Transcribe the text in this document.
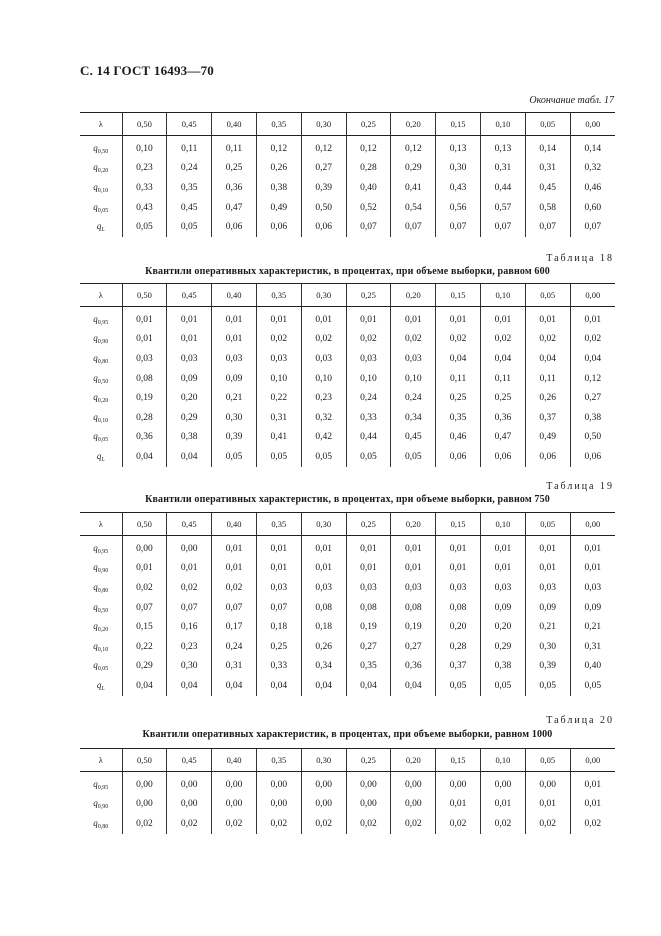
С. 14 ГОСТ 16493—70
Окончание табл. 17
λ	0,50	0,45	0,40	0,35	0,30	0,25	0,20	0,15	0,10	0,05	0,00
$q_{0,50}$	0,10	0,11	0,11	0,12	0,12	0,12	0,12	0,13	0,13	0,14	0,14
$q_{0,20}$	0,23	0,24	0,25	0,26	0,27	0,28	0,29	0,30	0,31	0,31	0,32
$q_{0,10}$	0,33	0,35	0,36	0,38	0,39	0,40	0,41	0,43	0,44	0,45	0,46
$q_{0,05}$	0,43	0,45	0,47	0,49	0,50	0,52	0,54	0,56	0,57	0,58	0,60
$q_L$	0,05	0,05	0,06	0,06	0,06	0,07	0,07	0,07	0,07	0,07	0,07
Таблица 18
Квантили оперативных характеристик, в процентах, при объеме выборки, равном 600
λ	0,50	0,45	0,40	0,35	0,30	0,25	0,20	0,15	0,10	0,05	0,00
$q_{0,95}$	0,01	0,01	0,01	0,01	0,01	0,01	0,01	0,01	0,01	0,01	0,01
$q_{0,90}$	0,01	0,01	0,01	0,02	0,02	0,02	0,02	0,02	0,02	0,02	0,02
$q_{0,80}$	0,03	0,03	0,03	0,03	0,03	0,03	0,03	0,04	0,04	0,04	0,04
$q_{0,50}$	0,08	0,09	0,09	0,10	0,10	0,10	0,10	0,11	0,11	0,11	0,12
$q_{0,20}$	0,19	0,20	0,21	0,22	0,23	0,24	0,24	0,25	0,25	0,26	0,27
$q_{0,10}$	0,28	0,29	0,30	0,31	0,32	0,33	0,34	0,35	0,36	0,37	0,38
$q_{0,05}$	0,36	0,38	0,39	0,41	0,42	0,44	0,45	0,46	0,47	0,49	0,50
$q_L$	0,04	0,04	0,05	0,05	0,05	0,05	0,05	0,06	0,06	0,06	0,06
Таблица 19
Квантили оперативных характеристик, в процентах, при объеме выборки, равном 750
λ	0,50	0,45	0,40	0,35	0,30	0,25	0,20	0,15	0,10	0,05	0,00
$q_{0,95}$	0,00	0,00	0,01	0,01	0,01	0,01	0,01	0,01	0,01	0,01	0,01
$q_{0,90}$	0,01	0,01	0,01	0,01	0,01	0,01	0,01	0,01	0,01	0,01	0,01
$q_{0,80}$	0,02	0,02	0,02	0,03	0,03	0,03	0,03	0,03	0,03	0,03	0,03
$q_{0,50}$	0,07	0,07	0,07	0,07	0,08	0,08	0,08	0,08	0,09	0,09	0,09
$q_{0,20}$	0,15	0,16	0,17	0,18	0,18	0,19	0,19	0,20	0,20	0,21	0,21
$q_{0,10}$	0,22	0,23	0,24	0,25	0,26	0,27	0,27	0,28	0,29	0,30	0,31
$q_{0,05}$	0,29	0,30	0,31	0,33	0,34	0,35	0,36	0,37	0,38	0,39	0,40
$q_L$	0,04	0,04	0,04	0,04	0,04	0,04	0,04	0,05	0,05	0,05	0,05
Таблица 20
Квантили оперативных характеристик, в процентах, при объеме выборки, равном 1000
λ	0,50	0,45	0,40	0,35	0,30	0,25	0,20	0,15	0,10	0,05	0,00
$q_{0,95}$	0,00	0,00	0,00	0,00	0,00	0,00	0,00	0,00	0,00	0,00	0,01
$q_{0,90}$	0,00	0,00	0,00	0,00	0,00	0,00	0,00	0,01	0,01	0,01	0,01
$q_{0,80}$	0,02	0,02	0,02	0,02	0,02	0,02	0,02	0,02	0,02	0,02	0,02
